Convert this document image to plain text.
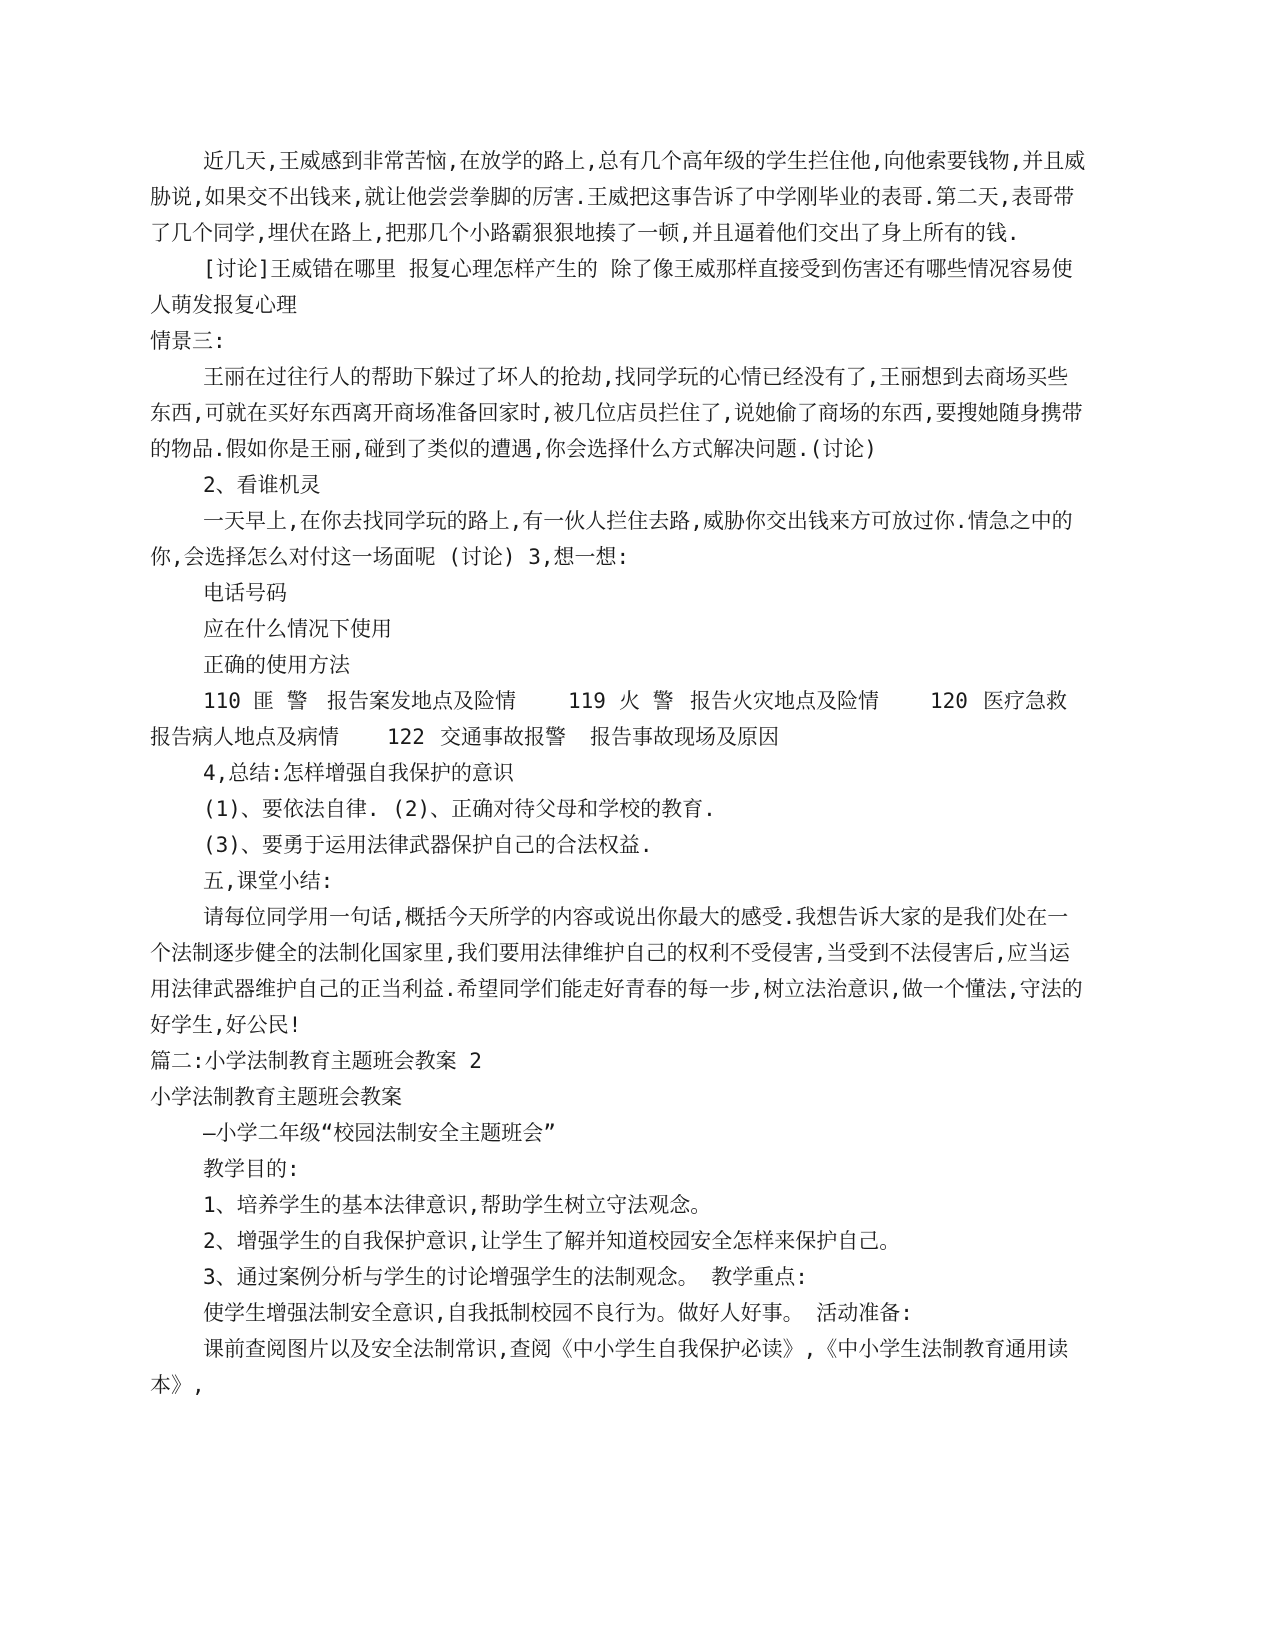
近几天,王威感到非常苦恼,在放学的路上,总有几个高年级的学生拦住他,向他索要钱物,并且威
胁说,如果交不出钱来,就让他尝尝拳脚的厉害.王威把这事告诉了中学刚毕业的表哥.第二天,表哥带
了几个同学,埋伏在路上,把那几个小路霸狠狠地揍了一顿,并且逼着他们交出了身上所有的钱.
[讨论]王威错在哪里 报复心理怎样产生的 除了像王威那样直接受到伤害还有哪些情况容易使
人萌发报复心理
情景三:
王丽在过往行人的帮助下躲过了坏人的抢劫,找同学玩的心情已经没有了,王丽想到去商场买些
东西,可就在买好东西离开商场准备回家时,被几位店员拦住了,说她偷了商场的东西,要搜她随身携带
的物品.假如你是王丽,碰到了类似的遭遇,你会选择什么方式解决问题.(讨论)
2、看谁机灵
一天早上,在你去找同学玩的路上,有一伙人拦住去路,威胁你交出钱来方可放过你.情急之中的
你,会选择怎么对付这一场面呢 (讨论) 3,想一想:
电话号码
应在什么情况下使用
正确的使用方法
110 匪 警 报告案发地点及险情 119 火 警 报告火灾地点及险情 120 医疗急救
报告病人地点及病情 122 交通事故报警 报告事故现场及原因
4,总结:怎样增强自我保护的意识
(1)、要依法自律. (2)、正确对待父母和学校的教育.
(3)、要勇于运用法律武器保护自己的合法权益.
五,课堂小结:
请每位同学用一句话,概括今天所学的内容或说出你最大的感受.我想告诉大家的是我们处在一
个法制逐步健全的法制化国家里,我们要用法律维护自己的权利不受侵害,当受到不法侵害后,应当运
用法律武器维护自己的正当利益.希望同学们能走好青春的每一步,树立法治意识,做一个懂法,守法的
好学生,好公民!
篇二:小学法制教育主题班会教案 2
小学法制教育主题班会教案
—小学二年级“校园法制安全主题班会”
教学目的:
1、培养学生的基本法律意识,帮助学生树立守法观念。
2、增强学生的自我保护意识,让学生了解并知道校园安全怎样来保护自己。
3、通过案例分析与学生的讨论增强学生的法制观念。 教学重点:
使学生增强法制安全意识,自我抵制校园不良行为。做好人好事。 活动准备:
课前查阅图片以及安全法制常识,查阅《中小学生自我保护必读》,《中小学生法制教育通用读
本》,
